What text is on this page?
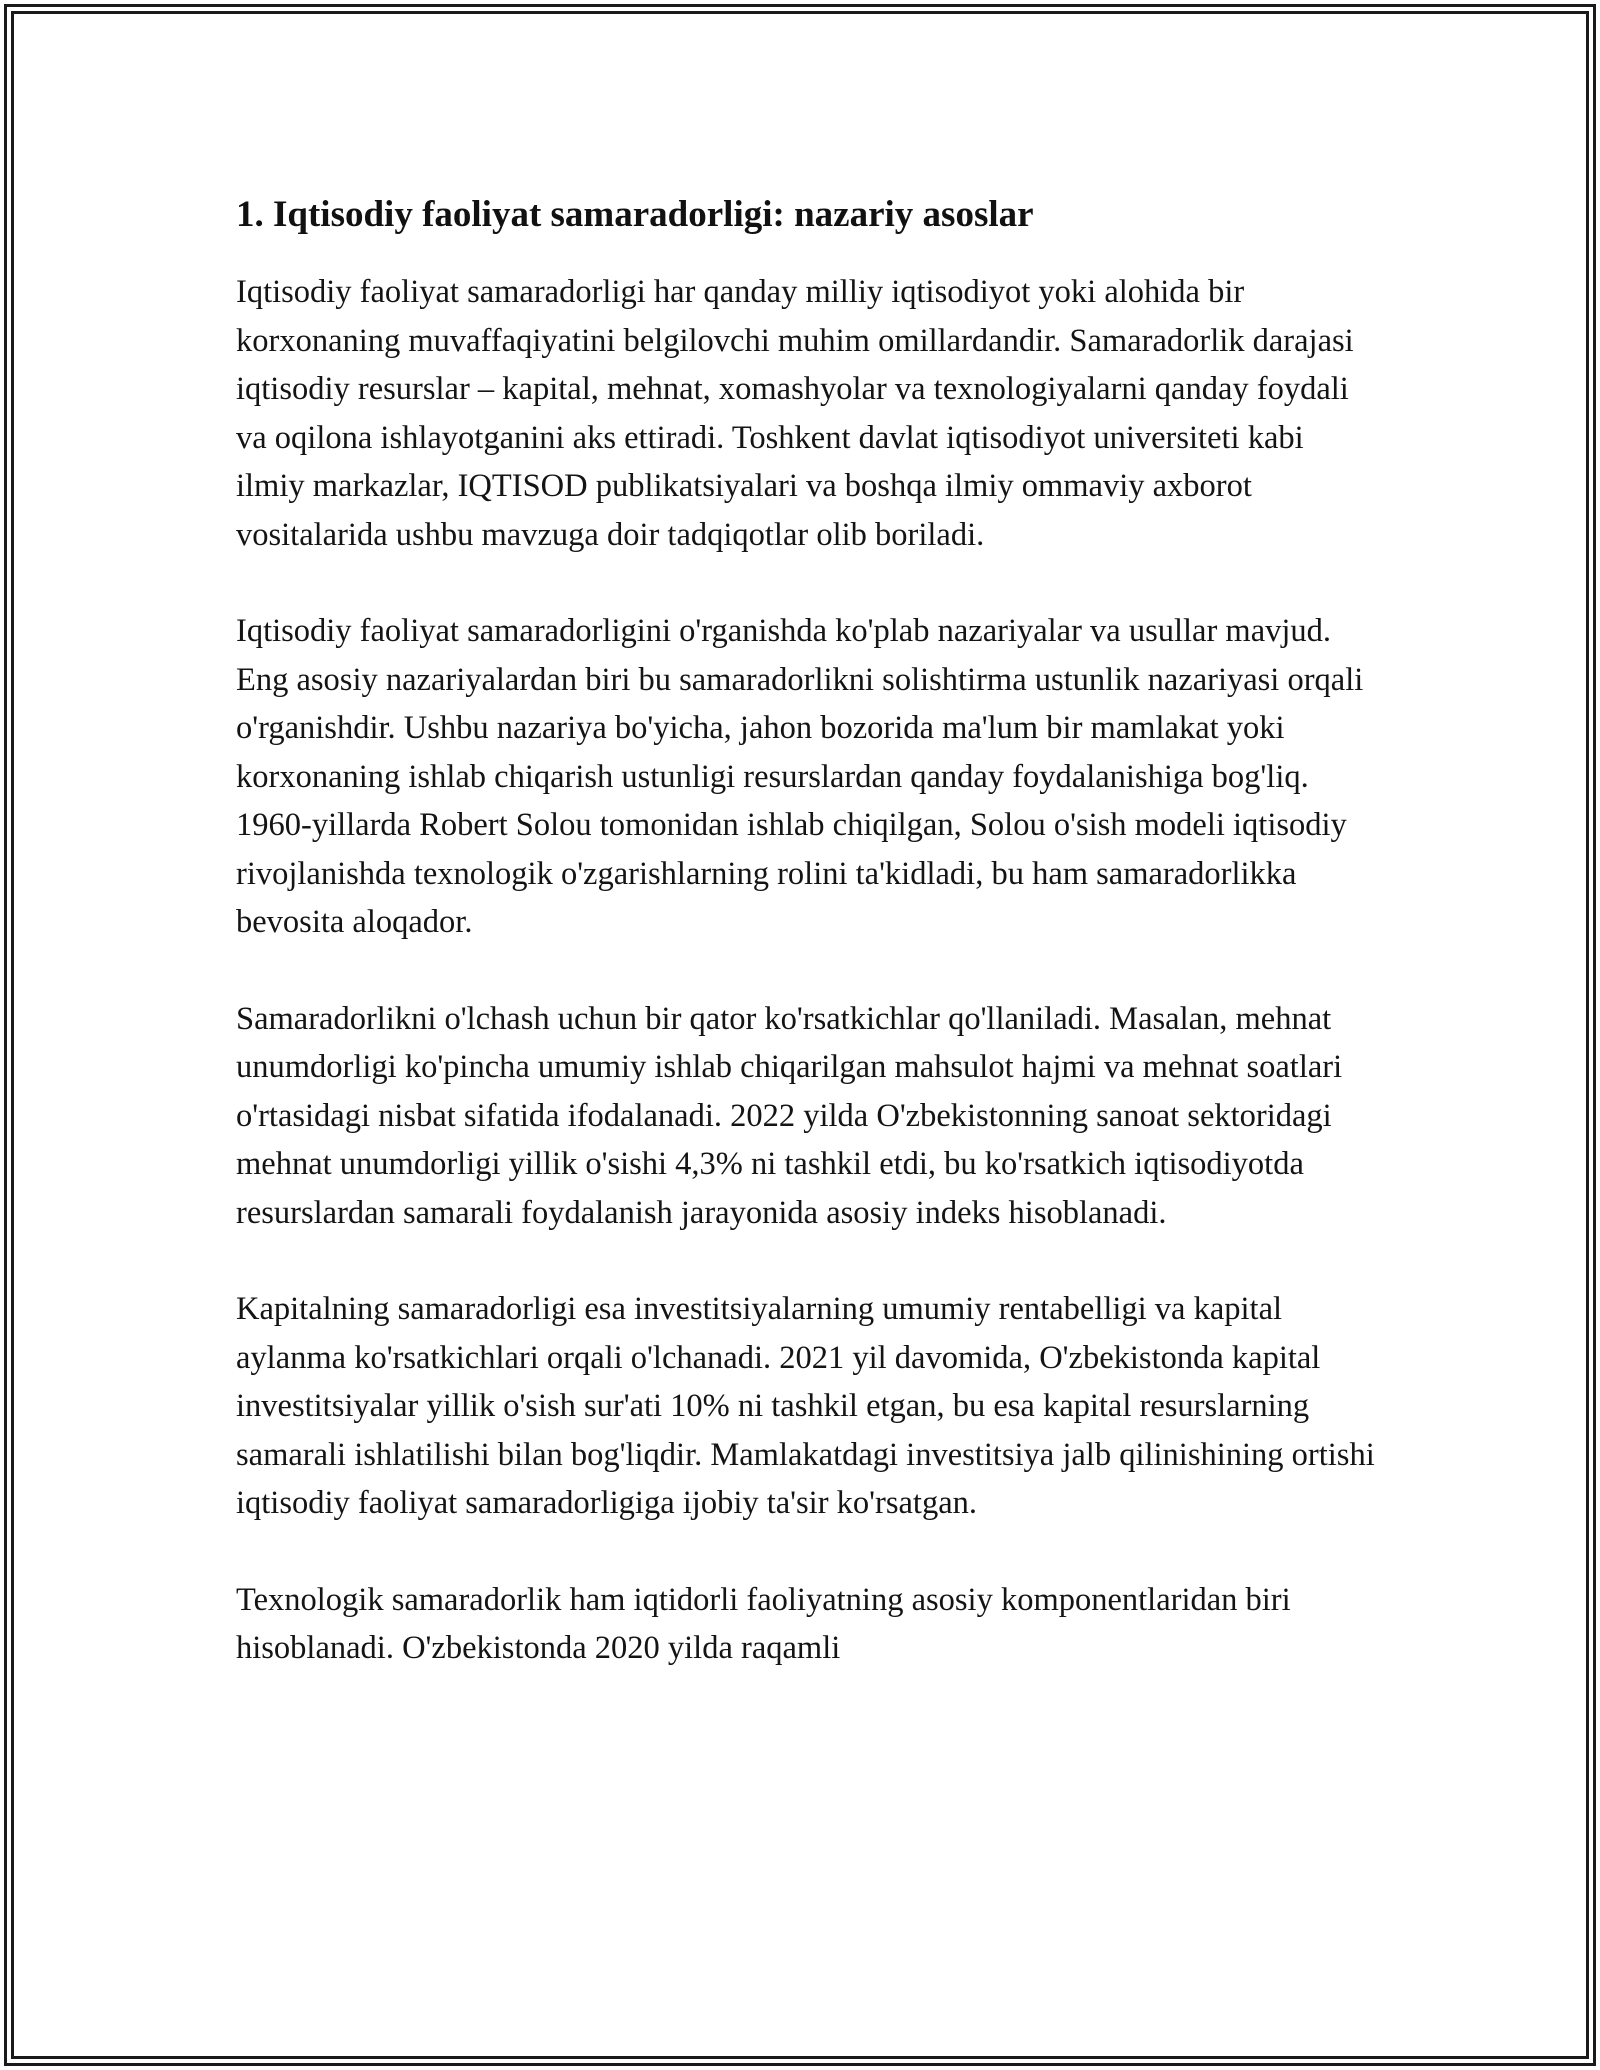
1. Iqtisodiy faoliyat samaradorligi: nazariy asoslar

Iqtisodiy faoliyat samaradorligi har qanday milliy iqtisodiyot yoki alohida bir korxonaning muvaffaqiyatini belgilovchi muhim omillardandir. Samaradorlik darajasi iqtisodiy resurslar – kapital, mehnat, xomashyolar va texnologiyalarni qanday foydali va oqilona ishlayotganini aks ettiradi. Toshkent davlat iqtisodiyot universiteti kabi ilmiy markazlar, IQTISOD publikatsiyalari va boshqa ilmiy ommaviy axborot vositalarida ushbu mavzuga doir tadqiqotlar olib boriladi.

Iqtisodiy faoliyat samaradorligini o'rganishda ko'plab nazariyalar va usullar mavjud. Eng asosiy nazariyalardan biri bu samaradorlikni solishtirma ustunlik nazariyasi orqali o'rganishdir. Ushbu nazariya bo'yicha, jahon bozorida ma'lum bir mamlakat yoki korxonaning ishlab chiqarish ustunligi resurslardan qanday foydalanishiga bog'liq. 1960-yillarda Robert Solou tomonidan ishlab chiqilgan, Solou o'sish modeli iqtisodiy rivojlanishda texnologik o'zgarishlarning rolini ta'kidladi, bu ham samaradorlikka bevosita aloqador.

Samaradorlikni o'lchash uchun bir qator ko'rsatkichlar qo'llaniladi. Masalan, mehnat unumdorligi ko'pincha umumiy ishlab chiqarilgan mahsulot hajmi va mehnat soatlari o'rtasidagi nisbat sifatida ifodalanadi. 2022 yilda O'zbekistonning sanoat sektoridagi mehnat unumdorligi yillik o'sishi 4,3% ni tashkil etdi, bu ko'rsatkich iqtisodiyotda resurslardan samarali foydalanish jarayonida asosiy indeks hisoblanadi.

Kapitalning samaradorligi esa investitsiyalarning umumiy rentabelligi va kapital aylanma ko'rsatkichlari orqali o'lchanadi. 2021 yil davomida, O'zbekistonda kapital investitsiyalar yillik o'sish sur'ati 10% ni tashkil etgan, bu esa kapital resurslarning samarali ishlatilishi bilan bog'liqdir. Mamlakatdagi investitsiya jalb qilinishining ortishi iqtisodiy faoliyat samaradorligiga ijobiy ta'sir ko'rsatgan.

Texnologik samaradorlik ham iqtidorli faoliyatning asosiy komponentlaridan biri hisoblanadi. O'zbekistonda 2020 yilda raqamli
